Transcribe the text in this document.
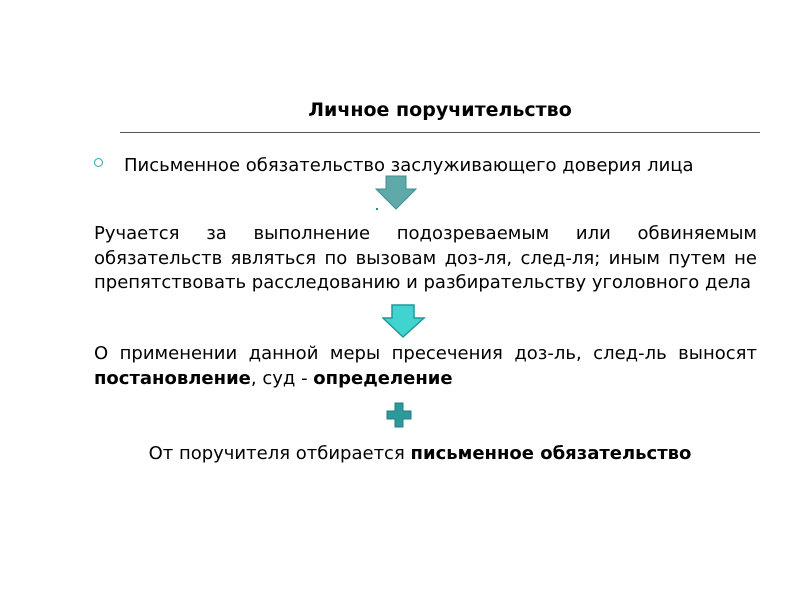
Личное поручительство
Письменное обязательство заслуживающего доверия лица
Ручается за выполнение подозреваемым или обвиняемым обязательств являться по вызовам доз-ля, след-ля; иным путем не препятствовать расследованию и разбирательству уголовного дела
О применении данной меры пресечения доз-ль, след-ль выносят постановление, суд - определение
От поручителя отбирается письменное обязательство
